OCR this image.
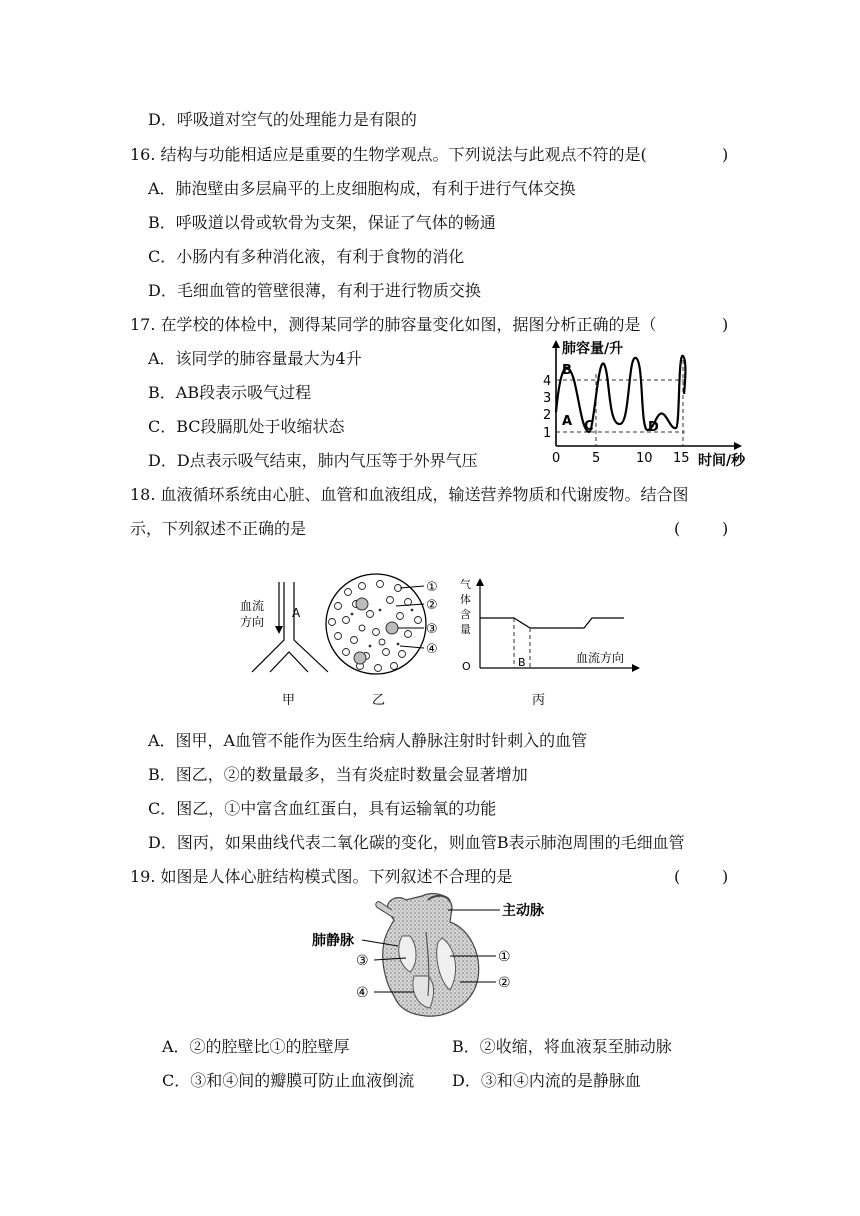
D．呼吸道对空气的处理能力是有限的
16. 结构与功能相适应是重要的生物学观点。下列说法与此观点不符的是(	)
A．肺泡壁由多层扁平的上皮细胞构成，有利于进行气体交换
B．呼吸道以骨或软骨为支架，保证了气体的畅通
C．小肠内有多种消化液，有利于食物的消化
D．毛细血管的管壁很薄，有利于进行物质交换
17. 在学校的体检中，测得某同学的肺容量变化如图，据图分析正确的是（	)
A．该同学的肺容量最大为4升
B．AB段表示吸气过程
C．BC段膈肌处于收缩状态
D．D点表示吸气结束，肺内气压等于外界气压
肺容量/升
时间/秒
4
3
2
1
0 5	10 15
A
B
C	D
18. 血液循环系统由心脏、血管和血液组成，输送营养物质和代谢废物。结合图
示，下列叙述不正确的是	(	)
血流
方向
A
甲
①
②
③
④
乙
气
体
含
量
O	B	血流方向
丙
A．图甲，A血管不能作为医生给病人静脉注射时针刺入的血管
B．图乙，②的数量最多，当有炎症时数量会显著增加
C．图乙，①中富含血红蛋白，具有运输氧的功能
D．图丙，如果曲线代表二氧化碳的变化，则血管B表示肺泡周围的毛细血管
19. 如图是人体心脏结构模式图。下列叙述不合理的是	(	)
主动脉
肺静脉
③
④
①
②
A．②的腔壁比①的腔壁厚	B．②收缩，将血液泵至肺动脉
C．③和④间的瓣膜可防止血液倒流 D．③和④内流的是静脉血
